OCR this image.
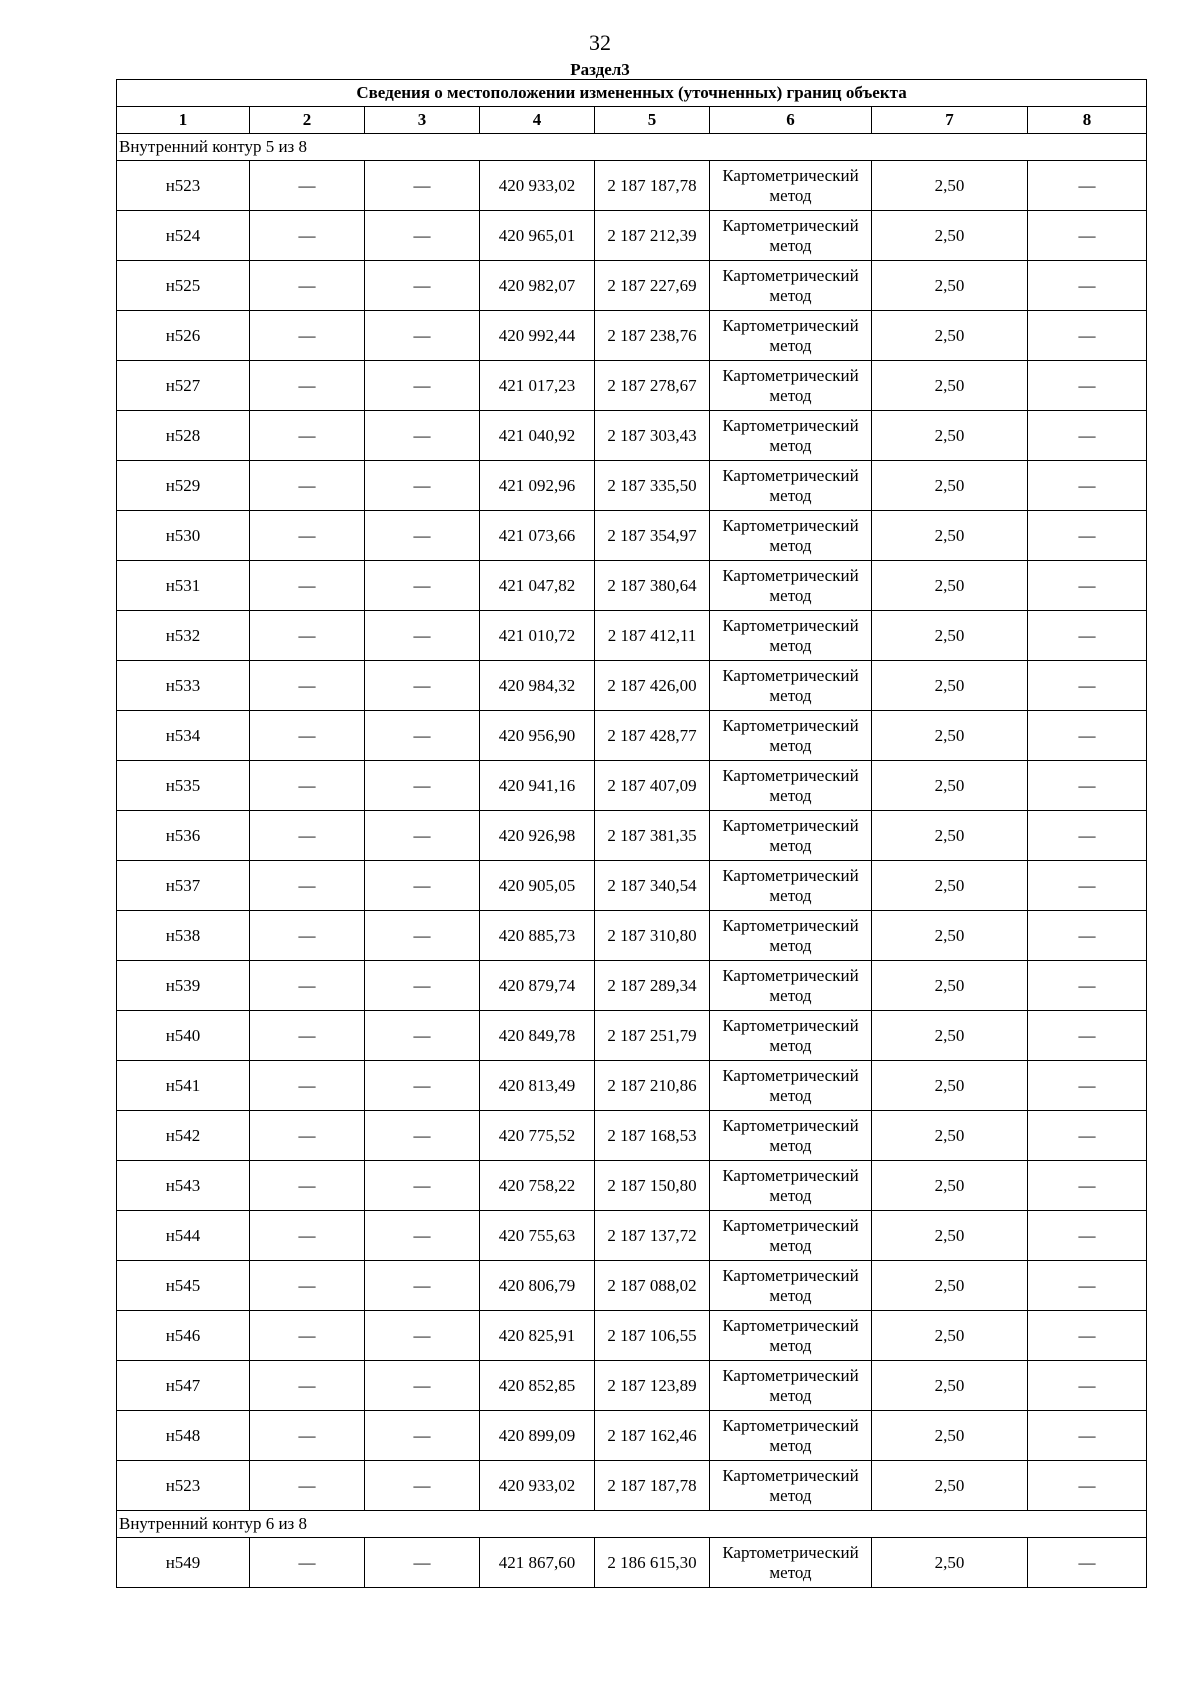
32
Раздел3
Сведения о местоположении измененных (уточненных) границ объекта							
1	2	3	4	5	6	7	8
Внутренний контур 5 из 8							
н523	—	—	420 933,02	2 187 187,78	Картометрический метод	2,50	—
н524	—	—	420 965,01	2 187 212,39	Картометрический метод	2,50	—
н525	—	—	420 982,07	2 187 227,69	Картометрический метод	2,50	—
н526	—	—	420 992,44	2 187 238,76	Картометрический метод	2,50	—
н527	—	—	421 017,23	2 187 278,67	Картометрический метод	2,50	—
н528	—	—	421 040,92	2 187 303,43	Картометрический метод	2,50	—
н529	—	—	421 092,96	2 187 335,50	Картометрический метод	2,50	—
н530	—	—	421 073,66	2 187 354,97	Картометрический метод	2,50	—
н531	—	—	421 047,82	2 187 380,64	Картометрический метод	2,50	—
н532	—	—	421 010,72	2 187 412,11	Картометрический метод	2,50	—
н533	—	—	420 984,32	2 187 426,00	Картометрический метод	2,50	—
н534	—	—	420 956,90	2 187 428,77	Картометрический метод	2,50	—
н535	—	—	420 941,16	2 187 407,09	Картометрический метод	2,50	—
н536	—	—	420 926,98	2 187 381,35	Картометрический метод	2,50	—
н537	—	—	420 905,05	2 187 340,54	Картометрический метод	2,50	—
н538	—	—	420 885,73	2 187 310,80	Картометрический метод	2,50	—
н539	—	—	420 879,74	2 187 289,34	Картометрический метод	2,50	—
н540	—	—	420 849,78	2 187 251,79	Картометрический метод	2,50	—
н541	—	—	420 813,49	2 187 210,86	Картометрический метод	2,50	—
н542	—	—	420 775,52	2 187 168,53	Картометрический метод	2,50	—
н543	—	—	420 758,22	2 187 150,80	Картометрический метод	2,50	—
н544	—	—	420 755,63	2 187 137,72	Картометрический метод	2,50	—
н545	—	—	420 806,79	2 187 088,02	Картометрический метод	2,50	—
н546	—	—	420 825,91	2 187 106,55	Картометрический метод	2,50	—
н547	—	—	420 852,85	2 187 123,89	Картометрический метод	2,50	—
н548	—	—	420 899,09	2 187 162,46	Картометрический метод	2,50	—
н523	—	—	420 933,02	2 187 187,78	Картометрический метод	2,50	—
Внутренний контур 6 из 8							
н549	—	—	421 867,60	2 186 615,30	Картометрический метод	2,50	—
